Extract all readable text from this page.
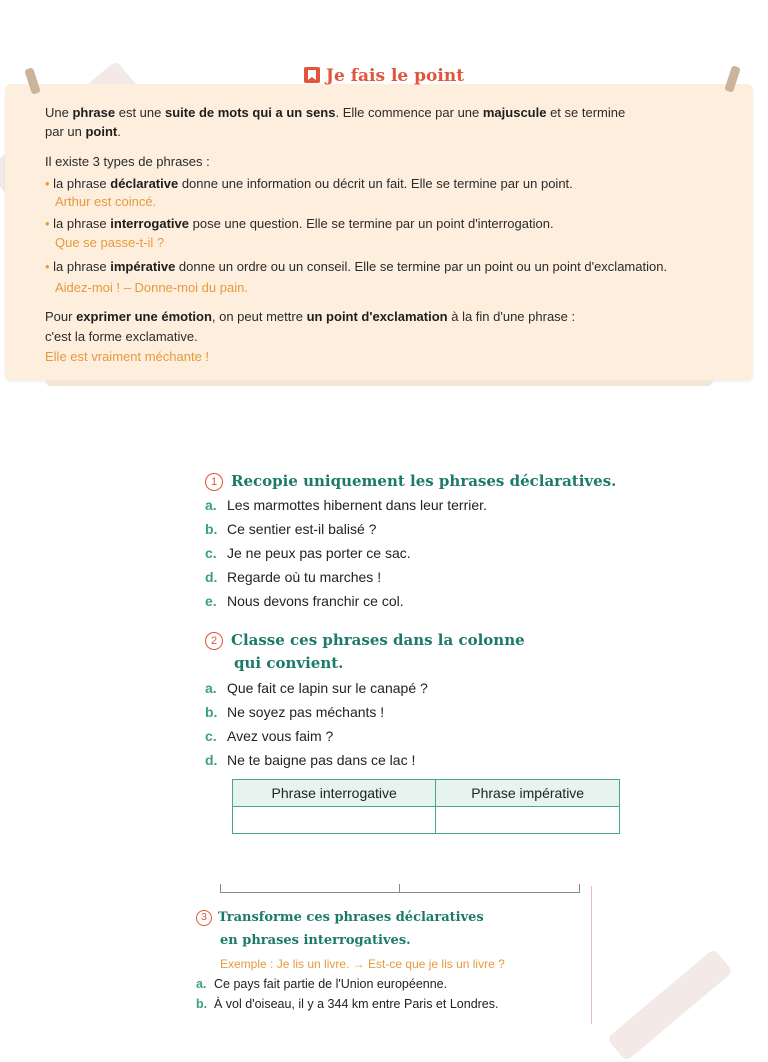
Je fais le point
Une phrase est une suite de mots qui a un sens. Elle commence par une majuscule et se termine
par un point.
Il existe 3 types de phrases :
• la phrase déclarative donne une information ou décrit un fait. Elle se termine par un point.
Arthur est coincé.
• la phrase interrogative pose une question. Elle se termine par un point d'interrogation.
Que se passe-t-il ?
• la phrase impérative donne un ordre ou un conseil. Elle se termine par un point ou un point d'exclamation.
Aidez-moi ! – Donne-moi du pain.
Pour exprimer une émotion, on peut mettre un point d'exclamation à la fin d'une phrase :
c'est la forme exclamative.
Elle est vraiment méchante !
1 Recopie uniquement les phrases déclaratives.
a. Les marmottes hibernent dans leur terrier.
b. Ce sentier est-il balisé ?
c. Je ne peux pas porter ce sac.
d. Regarde où tu marches !
e. Nous devons franchir ce col.
2 Classe ces phrases dans la colonne
qui convient.
a. Que fait ce lapin sur le canapé ?
b. Ne soyez pas méchants !
c. Avez vous faim ?
d. Ne te baigne pas dans ce lac !
Phrase interrogative	Phrase impérative

3 Transforme ces phrases déclaratives
en phrases interrogatives.
Exemple : Je lis un livre. → Est-ce que je lis un livre ?
a. Ce pays fait partie de l'Union européenne.
b. À vol d'oiseau, il y a 344 km entre Paris et Londres.
